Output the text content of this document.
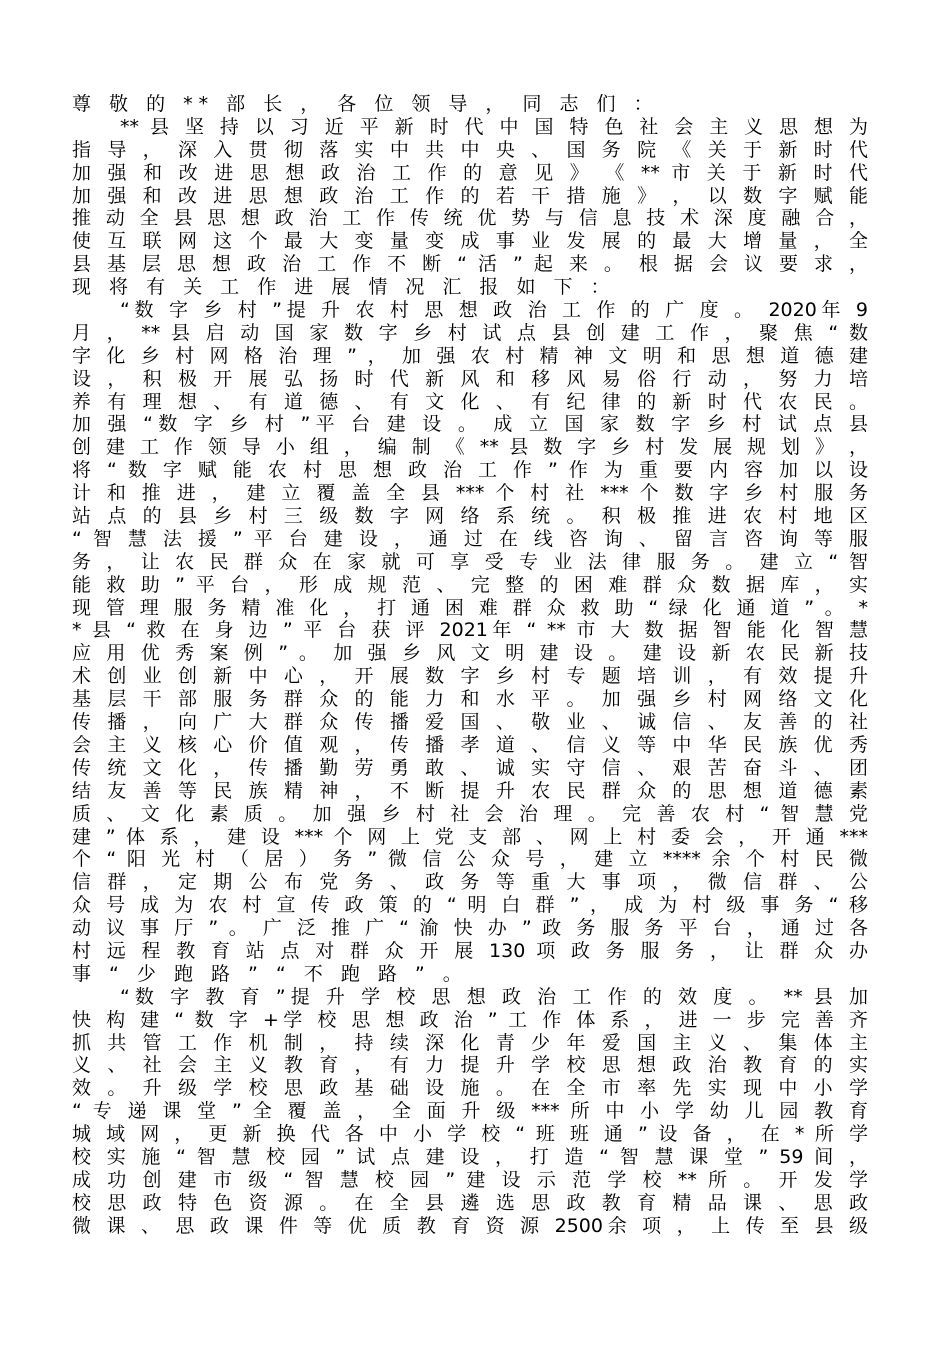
尊 敬 的 ** 部 长 ， 各 位 领 导 ， 同 志 们 ：
** 县 坚 持 以 习 近 平 新 时 代 中 国 特 色 社 会 主 义 思 想 为
指 导 ， 深 入 贯 彻 落 实 中 共 中 央 、 国 务 院 《 关 于 新 时 代
加 强 和 改 进 思 想 政 治 工 作 的 意 见 》 《 ** 市 关 于 新 时 代
加 强 和 改 进 思 想 政 治 工 作 的 若 干 措 施 》 ， 以 数 字 赋 能
推 动 全 县 思 想 政 治 工 作 传 统 优 势 与 信 息 技 术 深 度 融 合 ，
使 互 联 网 这 个 最 大 变 量 变 成 事 业 发 展 的 最 大 增 量 ， 全
县 基 层 思 想 政 治 工 作 不 断 “ 活 ” 起 来 。 根 据 会 议 要 求 ，
现 将 有 关 工 作 进 展 情 况 汇 报 如 下 ：
“数 字 乡 村 ”提 升 农 村 思 想 政 治 工 作 的 广 度 。 2020年 9
月 ， ** 县 启 动 国 家 数 字 乡 村 试 点 县 创 建 工 作 ， 聚 焦 “ 数
字 化 乡 村 网 格 治 理 ” ， 加 强 农 村 精 神 文 明 和 思 想 道 德 建
设 ， 积 极 开 展 弘 扬 时 代 新 风 和 移 风 易 俗 行 动 ， 努 力 培
养 有 理 想 、 有 道 德 、 有 文 化 、 有 纪 律 的 新 时 代 农 民 。
加 强 “数 字 乡 村 ”平 台 建 设 。 成 立 国 家 数 字 乡 村 试 点 县
创 建 工 作 领 导 小 组 ， 编 制 《 ** 县 数 字 乡 村 发 展 规 划 》 ，
将 “ 数 字 赋 能 农 村 思 想 政 治 工 作 ” 作 为 重 要 内 容 加 以 设
计 和 推 进 ， 建 立 覆 盖 全 县 *** 个 村 社 *** 个 数 字 乡 村 服 务
站 点 的 县 乡 村 三 级 数 字 网 络 系 统 。 积 极 推 进 农 村 地 区
“ 智 慧 法 援 ” 平 台 建 设 ， 通 过 在 线 咨 询 、 留 言 咨 询 等 服
务 ， 让 农 民 群 众 在 家 就 可 享 受 专 业 法 律 服 务 。 建 立 “ 智
能 救 助 ” 平 台 ， 形 成 规 范 、 完 整 的 困 难 群 众 数 据 库 ， 实
现 管 理 服 务 精 准 化 ， 打 通 困 难 群 众 救 助 “ 绿 化 通 道 ” 。 *
* 县 “ 救 在 身 边 ” 平 台 获 评 2021年 “ ** 市 大 数 据 智 能 化 智 慧
应 用 优 秀 案 例 ” 。 加 强 乡 风 文 明 建 设 。 建 设 新 农 民 新 技
术 创 业 创 新 中 心 ， 开 展 数 字 乡 村 专 题 培 训 ， 有 效 提 升
基 层 干 部 服 务 群 众 的 能 力 和 水 平 。 加 强 乡 村 网 络 文 化
传 播 ， 向 广 大 群 众 传 播 爱 国 、 敬 业 、 诚 信 、 友 善 的 社
会 主 义 核 心 价 值 观 ， 传 播 孝 道 、 信 义 等 中 华 民 族 优 秀
传 统 文 化 ， 传 播 勤 劳 勇 敢 、 诚 实 守 信 、 艰 苦 奋 斗 、 团
结 友 善 等 民 族 精 神 ， 不 断 提 升 农 民 群 众 的 思 想 道 德 素
质 、 文 化 素 质 。 加 强 乡 村 社 会 治 理 。 完 善 农 村 “ 智 慧 党
建 ” 体 系 ， 建 设 *** 个 网 上 党 支 部 、 网 上 村 委 会 ， 开 通 ***
个 “ 阳 光 村 （ 居 ） 务 ” 微 信 公 众 号 ， 建 立 **** 余 个 村 民 微
信 群 ， 定 期 公 布 党 务 、 政 务 等 重 大 事 项 ， 微 信 群 、 公
众 号 成 为 农 村 宣 传 政 策 的 “ 明 白 群 ” ， 成 为 村 级 事 务 “ 移
动 议 事 厅 ” 。 广 泛 推 广 “ 渝 快 办 ” 政 务 服 务 平 台 ， 通 过 各
村 远 程 教 育 站 点 对 群 众 开 展 130 项 政 务 服 务 ， 让 群 众 办
事 “ 少 跑 路 ” “ 不 跑 路 ” 。
“数 字 教 育 ”提 升 学 校 思 想 政 治 工 作 的 效 度 。 ** 县 加
快 构 建 “ 数 字 +学 校 思 想 政 治 ” 工 作 体 系 ， 进 一 步 完 善 齐
抓 共 管 工 作 机 制 ， 持 续 深 化 青 少 年 爱 国 主 义 、 集 体 主
义 、 社 会 主 义 教 育 ， 有 力 提 升 学 校 思 想 政 治 教 育 的 实
效 。 升 级 学 校 思 政 基 础 设 施 。 在 全 市 率 先 实 现 中 小 学
“ 专 递 课 堂 ” 全 覆 盖 ， 全 面 升 级 *** 所 中 小 学 幼 儿 园 教 育
城 域 网 ， 更 新 换 代 各 中 小 学 校 “ 班 班 通 ” 设 备 ， 在 * 所 学
校 实 施 “ 智 慧 校 园 ” 试 点 建 设 ， 打 造 “ 智 慧 课 堂 ” 59 间 ，
成 功 创 建 市 级 “ 智 慧 校 园 ” 建 设 示 范 学 校 ** 所 。 开 发 学
校 思 政 特 色 资 源 。 在 全 县 遴 选 思 政 教 育 精 品 课 、 思 政
微 课 、 思 政 课 件 等 优 质 教 育 资 源 2500余 项 ， 上 传 至 县 级
